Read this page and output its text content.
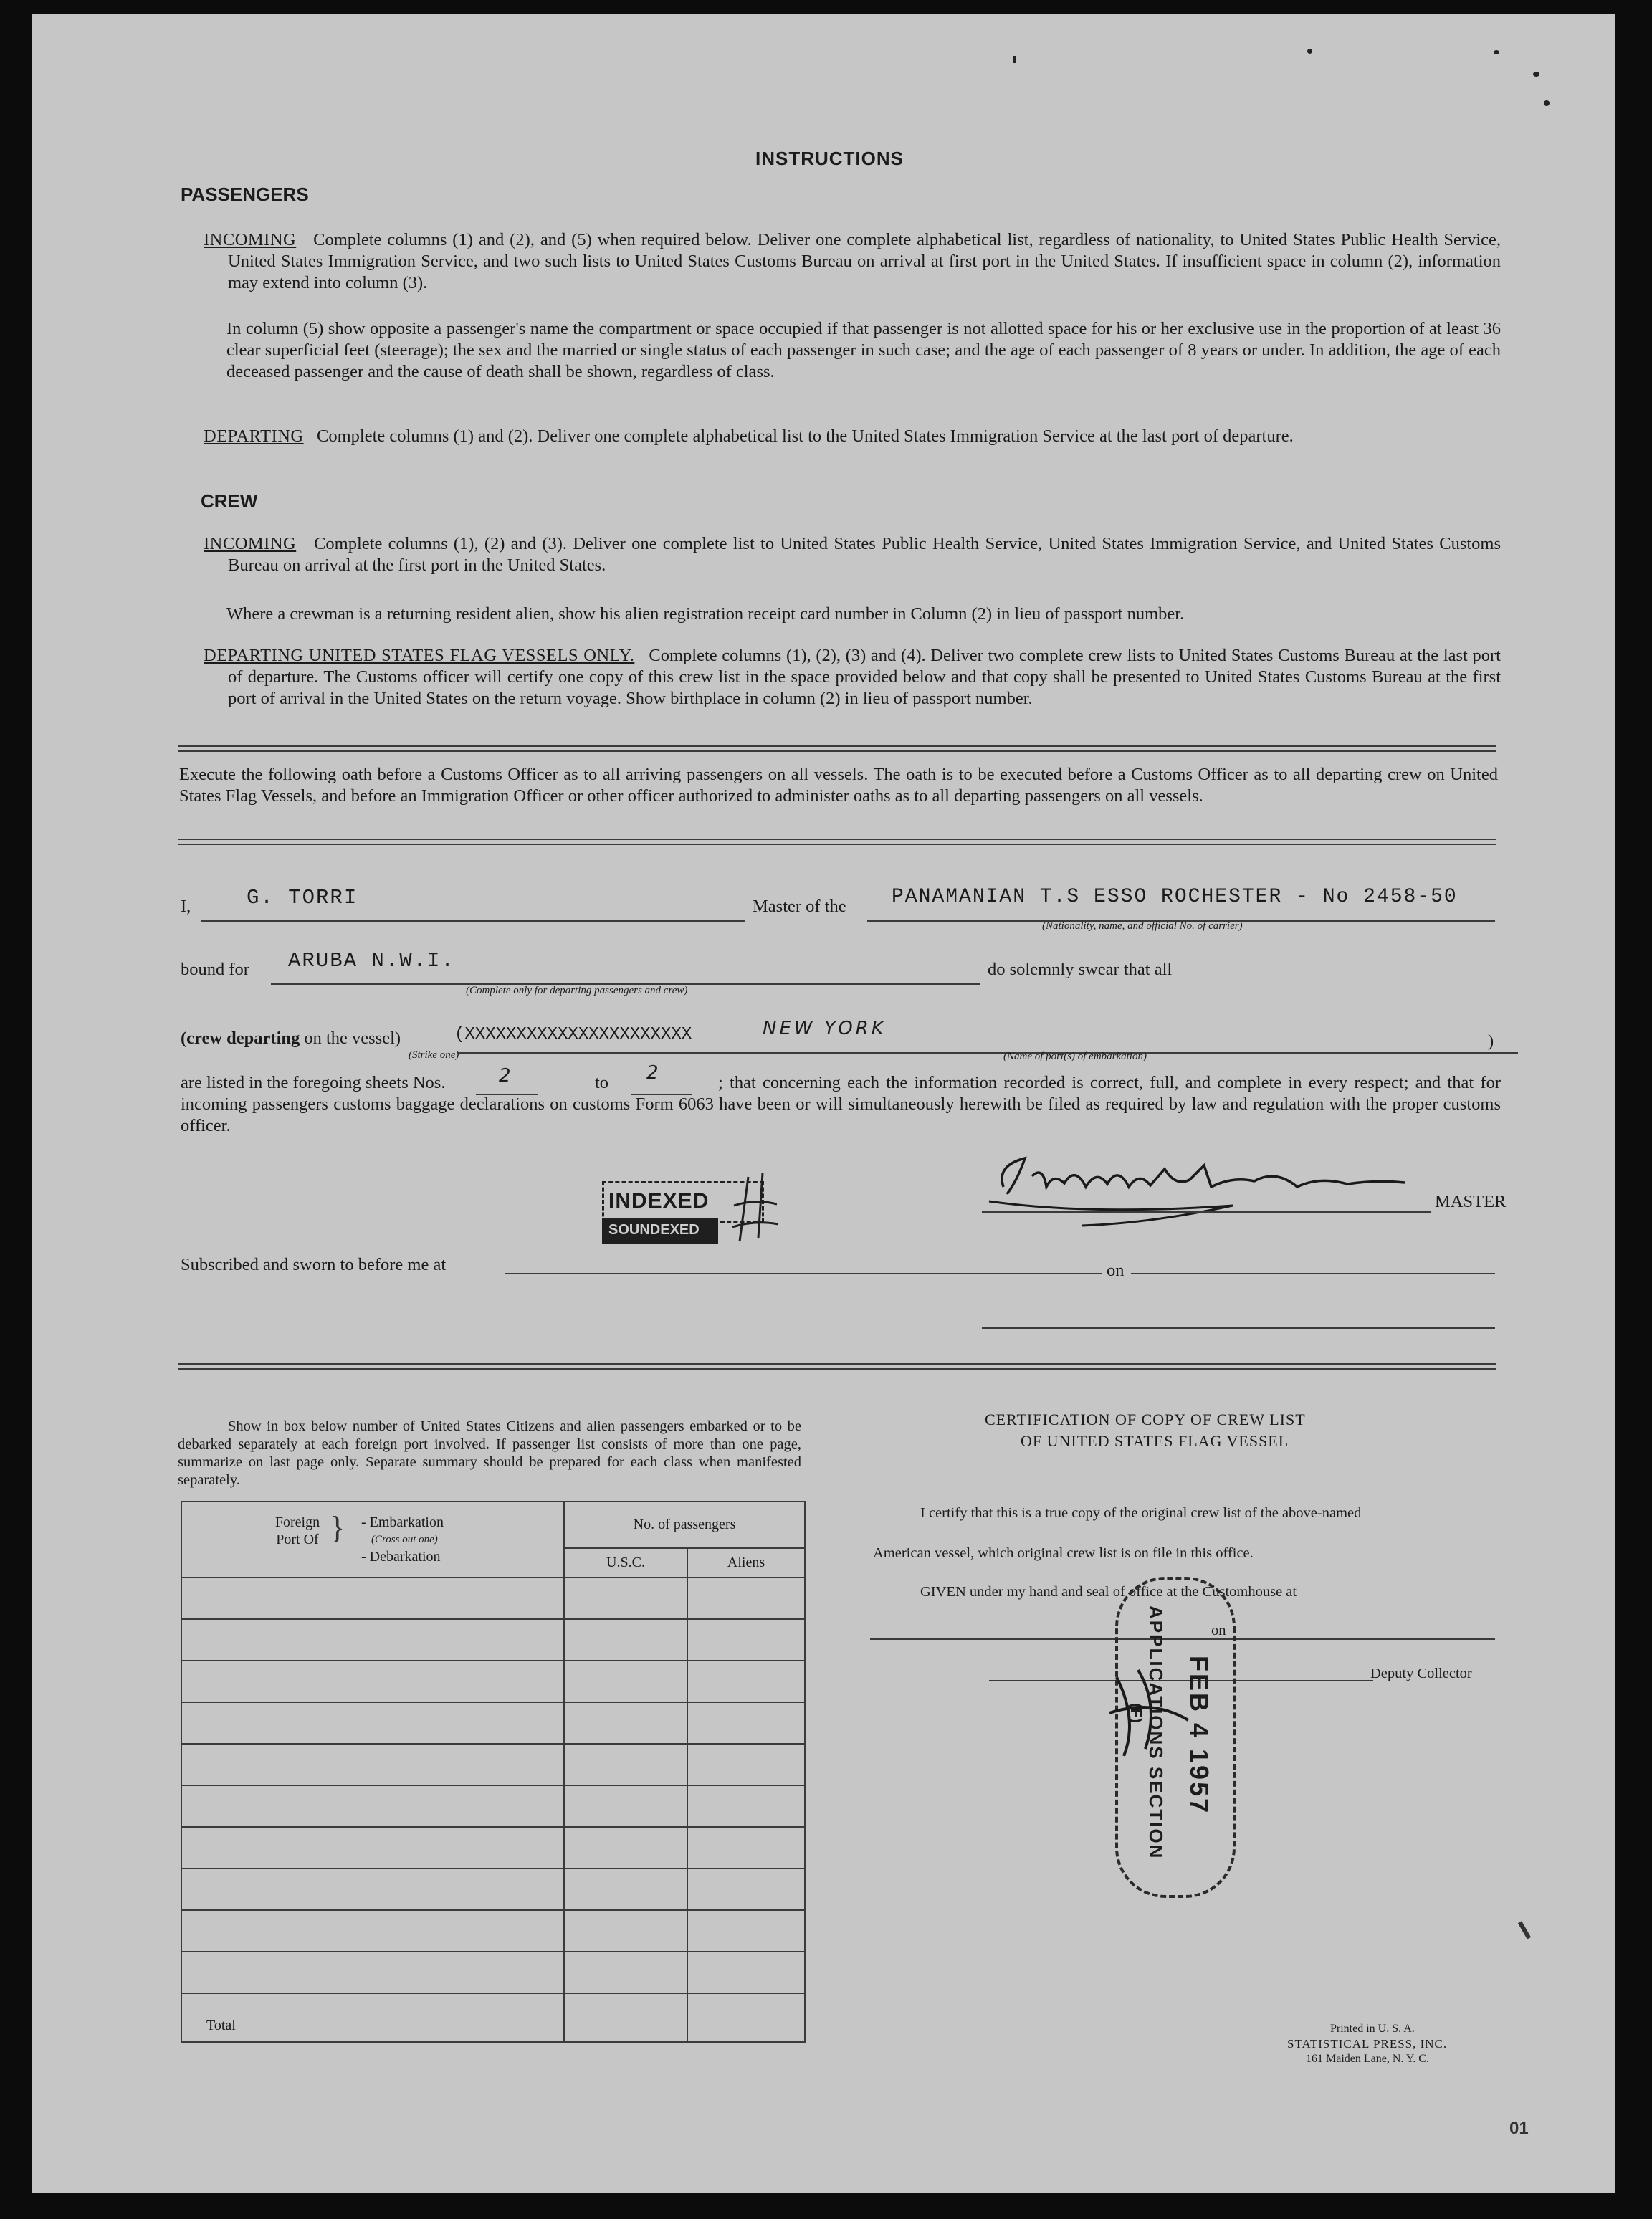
INSTRUCTIONS
PASSENGERS
INCOMING Complete columns (1) and (2), and (5) when required below. Deliver one complete alphabetical list, regardless of nationality, to United States Public Health Service, United States Immigration Service, and two such lists to United States Customs Bureau on arrival at first port in the United States. If insufficient space in column (2), information may extend into column (3).
In column (5) show opposite a passenger's name the compartment or space occupied if that passenger is not allotted space for his or her exclusive use in the proportion of at least 36 clear superficial feet (steerage); the sex and the married or single status of each passenger in such case; and the age of each passenger of 8 years or under. In addition, the age of each deceased passenger and the cause of death shall be shown, regardless of class.
DEPARTING Complete columns (1) and (2). Deliver one complete alphabetical list to the United States Immigration Service at the last port of departure.
CREW
INCOMING Complete columns (1), (2) and (3). Deliver one complete list to United States Public Health Service, United States Immigration Service, and United States Customs Bureau on arrival at the first port in the United States.
Where a crewman is a returning resident alien, show his alien registration receipt card number in Column (2) in lieu of passport number.
DEPARTING UNITED STATES FLAG VESSELS ONLY. Complete columns (1), (2), (3) and (4). Deliver two complete crew lists to United States Customs Bureau at the last port of departure. The Customs officer will certify one copy of this crew list in the space provided below and that copy shall be presented to United States Customs Bureau at the first port of arrival in the United States on the return voyage. Show birthplace in column (2) in lieu of passport number.
Execute the following oath before a Customs Officer as to all arriving passengers on all vessels. The oath is to be executed before a Customs Officer as to all departing crew on United States Flag Vessels, and before an Immigration Officer or other officer authorized to administer oaths as to all departing passengers on all vessels.
I,	G. TORRI	Master of the PANAMANIAN T.S ESSO ROCHESTER - No 2458-50
(Nationality, name, and official No. of carrier)
bound for ARUBA N.W.I.
(Complete only for departing passengers and crew)
do solemnly swear that all
(crew departing on the vessel)
(Strike one)
(XXXXXXXXXXXXXXXXXXXXXX	NEW YORK
(Name of port(s) of embarkation)
)
are listed in the foregoing sheets Nos.	2	to 2	; that concerning each the information recorded is correct, full, and complete in every respect; and that for incoming passengers customs baggage declarations on customs Form 6063 have been or will simultaneously herewith be filed as required by law and regulation with the proper customs officer.
INDEXED
SOUNDEXED
Giovanni Torri
MASTER
Subscribed and sworn to before me at	on
Show in box below number of United States Citizens and alien passengers embarked or to be debarked separately at each foreign port involved. If passenger list consists of more than one page, summarize on last page only. Separate summary should be prepared for each class when manifested separately.
Foreign Port Of } - Embarkation
(Cross out one)
- Debarkation	No. of passengers	
	U.S.C.	Aliens

Total		
CERTIFICATION OF COPY OF CREW LIST
OF UNITED STATES FLAG VESSEL
I certify that this is a true copy of the original crew list of the above-named
American vessel, which original crew list is on file in this office.
GIVEN under my hand and seal of office at the Customhouse at
on
Deputy Collector
APPLICATIONS SECTION
(F) FEB 4 1957
Printed in U. S. A.
STATISTICAL PRESS, INC.
161 Maiden Lane, N. Y. C.
01
